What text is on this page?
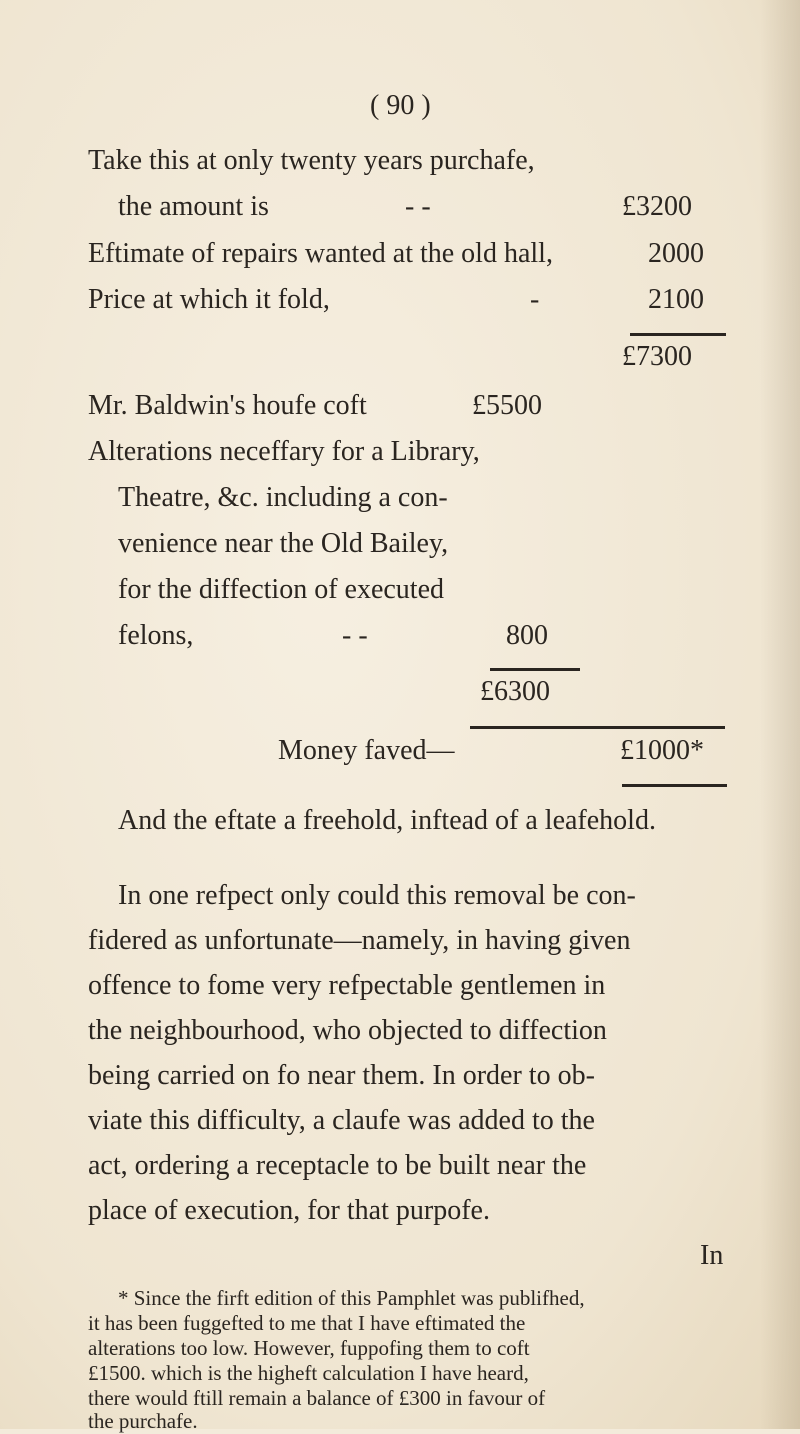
( 90 )
Take this at only twenty years purchafe,
the amount is	- -	£3200
Eftimate of repairs wanted at the old hall,	2000
Price at which it fold,	-	2100
£7300
Mr. Baldwin's houfe coft	£5500
Alterations neceffary for a Library,
Theatre, &c. including a con-
venience near the Old Bailey,
for the diffection of executed
felons,	- -	800
£6300
Money faved—	£1000*
And the eftate a freehold, inftead of a leafehold.
In one refpect only could this removal be con-
fidered as unfortunate—namely, in having given
offence to fome very refpectable gentlemen in
the neighbourhood, who objected to diffection
being carried on fo near them. In order to ob-
viate this difficulty, a claufe was added to the
act, ordering a receptacle to be built near the
place of execution, for that purpofe.
In
* Since the firft edition of this Pamphlet was publifhed,
it has been fuggefted to me that I have eftimated the
alterations too low. However, fuppofing them to coft
£1500. which is the higheft calculation I have heard,
there would ftill remain a balance of £300 in favour of
the purchafe.
